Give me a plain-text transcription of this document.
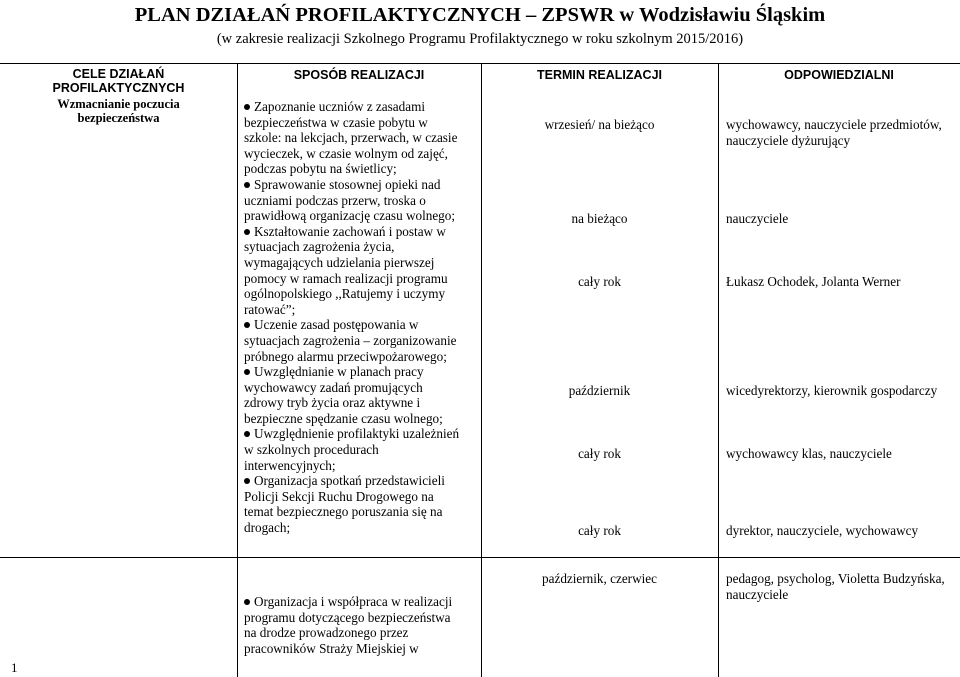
PLAN DZIAŁAŃ PROFILAKTYCZNYCH – ZPSWR w Wodzisławiu Śląskim
(w zakresie realizacji Szkolnego Programu Profilaktycznego w roku szkolnym 2015/2016)
CELE DZIAŁAŃ
PROFILAKTYCZNYCH
SPOSÓB REALIZACJI	TERMIN REALIZACJI	ODPOWIEDZIALNI
Wzmacnianie poczucia
bezpieczeństwa
Zapoznanie uczniów z zasadami
bezpieczeństwa w czasie pobytu w
szkole: na lekcjach, przerwach, w czasie
wycieczek, w czasie wolnym od zajęć,
podczas pobytu na świetlicy;
Sprawowanie stosownej opieki nad
uczniami podczas przerw, troska o
prawidłową organizację czasu wolnego;
Kształtowanie zachowań i postaw w
sytuacjach zagrożenia życia,
wymagających udzielania pierwszej
pomocy w ramach realizacji programu
ogólnopolskiego ,,Ratujemy i uczymy
ratować”;
Uczenie zasad postępowania w
sytuacjach zagrożenia – zorganizowanie
próbnego alarmu przeciwpożarowego;
Uwzględnianie w planach pracy
wychowawcy zadań promujących
zdrowy tryb życia oraz aktywne i
bezpieczne spędzanie czasu wolnego;
Uwzględnienie profilaktyki uzależnień
w szkolnych procedurach
interwencyjnych;
Organizacja spotkań przedstawicieli
Policji Sekcji Ruchu Drogowego na
temat bezpiecznego poruszania się na
drogach;
Organizacja i współpraca w realizacji
programu dotyczącego bezpieczeństwa
na drodze prowadzonego przez
pracowników Straży Miejskiej w
wrzesień/ na bieżąco
na bieżąco
cały rok
październik
cały rok
cały rok
październik, czerwiec
wychowawcy, nauczyciele przedmiotów,
nauczyciele dyżurujący
nauczyciele
Łukasz Ochodek, Jolanta Werner
wicedyrektorzy, kierownik gospodarczy
wychowawcy klas, nauczyciele
dyrektor, nauczyciele, wychowawcy
pedagog, psycholog, Violetta Budzyńska,
nauczyciele
1
